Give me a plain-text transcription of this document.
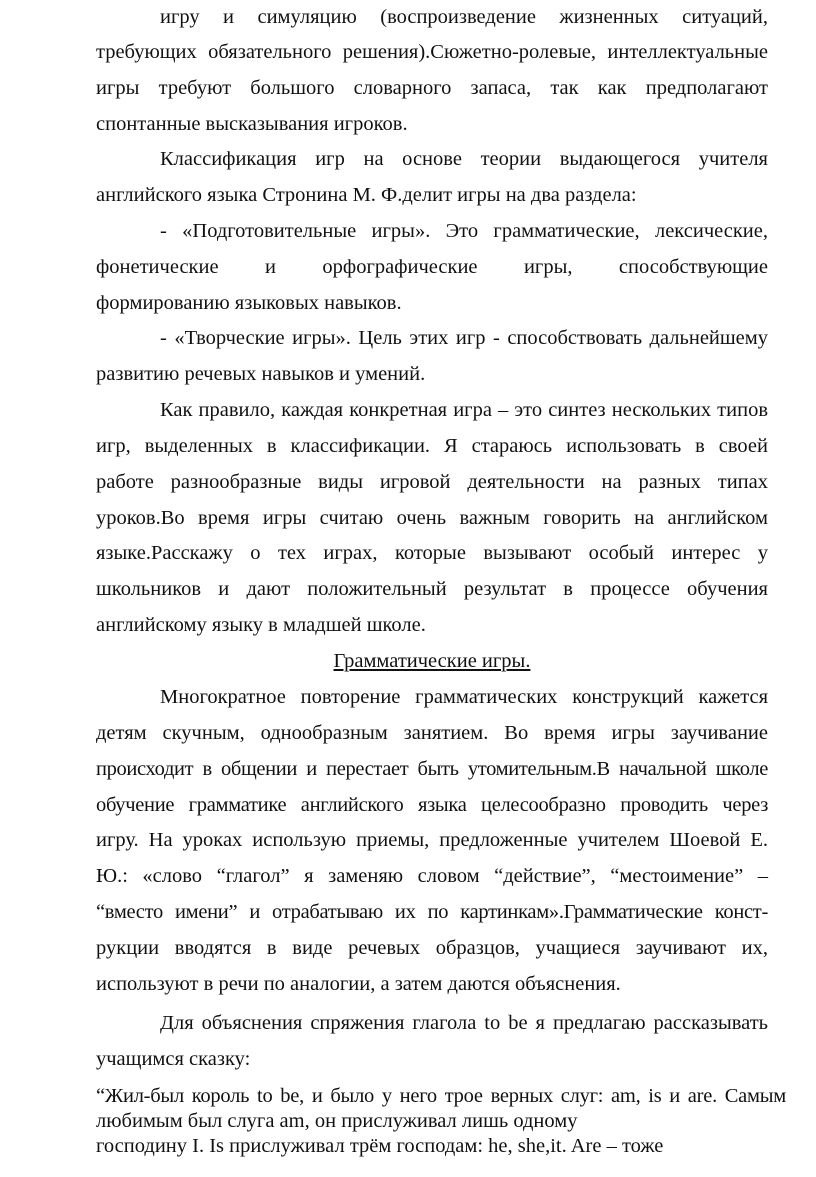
игру и симуляцию (воспроизведение жизненных ситуаций,
требующих обязательного решения).Сюжетно-ролевые, интеллектуальные
игры требуют большого словарного запаса, так как предполагают
спонтанные высказывания игроков.
Классификация игр на основе теории выдающегося учителя
английского языка Стронина М. Ф.делит игры на два раздела:
- «Подготовительные игры». Это грамматические, лексические,
фонетические и орфографические игры, способствующие
формированию языковых навыков.
- «Творческие игры». Цель этих игр - способствовать дальнейшему
развитию речевых навыков и умений.
Как правило, каждая конкретная игра – это синтез нескольких типов
игр, выделенных в классификации. Я стараюсь использовать в своей
работе разнообразные виды игровой деятельности на разных типах
уроков.Во время игры считаю очень важным говорить на английском
языке.Расскажу о тех играх, которые вызывают особый интерес у
школьников и дают положительный результат в процессе обучения
английскому языку в младшей школе.
Грамматические игры.
Многократное повторение грамматических конструкций кажется
детям скучным, однообразным занятием. Во время игры заучивание
происходит в общении и перестает быть утомительным.В начальной школе
обучение грамматике английского языка целесообразно проводить через
игру. На уроках использую приемы, предложенные учителем Шоевой Е.
Ю.: «слово “глагол” я заменяю словом “действие”, “местоимение” –
“вместо имени” и отрабатываю их по картинкам».Грамматические конст-
рукции вводятся в виде речевых образцов, учащиеся заучивают их,
используют в речи по аналогии, а затем даются объяснения.
Для объяснения спряжения глагола to be я предлагаю рассказывать
учащимся сказку:
“Жил-был король to be, и было у него трое верных слуг: am, is и are. Самым
любимым был слуга am, он прислуживал лишь одному
господину I. Is прислуживал трём господам: he, she,it. Are – тоже
